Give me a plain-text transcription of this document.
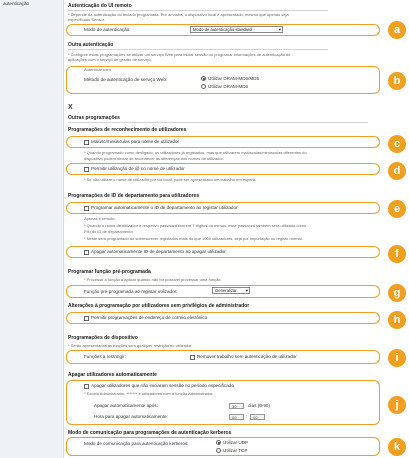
autenticação	Autenticação do UI remoto
* Depende da autenticação do teclado programada. Por amostra, o dispositivo local é apresentado, mesmo que apenas seja
especificado Sensor.
Modo de autenticação:	Modo de autenticação standard	▾	a
Outra autenticação
* Configure estas programações se utilizar um serviço Web para iniciar sessão ou programar informações de autenticação de
aplicações com o serviço de gestão de serviço.
Autenticar com
Método de autenticação de serviço Web:	Utilizar DRAM-MD5/MD5
Utilizar DRAM-MD5	b
X
Outras programações
Programações de reconhecimento de utilizadores
Maiúsc/minúsculas para nome de utilizador	c
* Quando programado como desligado, os utilizadores já registados, mas que utilizarem maiúsculas/minúsculas diferentes do
dispositivo podem deixar de reconhecer as diferenças dos nomes de utilizador.
Permitir utilização de @ no nome de utilizador	d
* Se não utilizar o nome de utilizador por via local, pode ser apresentado um trabalho em espera.
Programações de ID de departamento para utilizadores
Programar automaticamente o ID de departamento ao registar utilizador	e
Apenas é remoto.
* Quando o nome de utilizador e respetivo password tiverem 7 dígitos ou menos, esse password também será utilizado como
PIN do ID de departamento.
* Neste será programado ao sobrescrever registados mais do que 1000 utilizadores, seja por importação ou registo normal.
Apagar automaticamente ID de departamento ao apagar utilizador	f
Programar função pré-programada
* Processe a função a aplicar quando não for possível processar uma função.
Função pré-programada ao registar utilizador:	Generalizar ▾	g
Alterações à programação por utilizadores sem privilégios de administrador
Permitir programações de endereço de correio eletrónico	h
Programações de dispositivo
* Serão apresentadas as funções sem qualquer restrição no utilizador.
Funções a restringir:	Remover trabalho sem autenticação de utilizador	i
Apagar utilizadores automaticamente
Apagar utilizadores que não iniciaram sessão no período especificado
* Exceto Administrador, ******* e utilizadores com a função Administrador.
Apagar automaticamente após:	30	dias (0-90)
Hora para apagar automaticamente:	00	:	00
j
Modo de comunicação para programações de autenticação kerberos
Modo de comunicação para autenticação kerberos:	Utilizar UDP
Utilizar TCP	k
